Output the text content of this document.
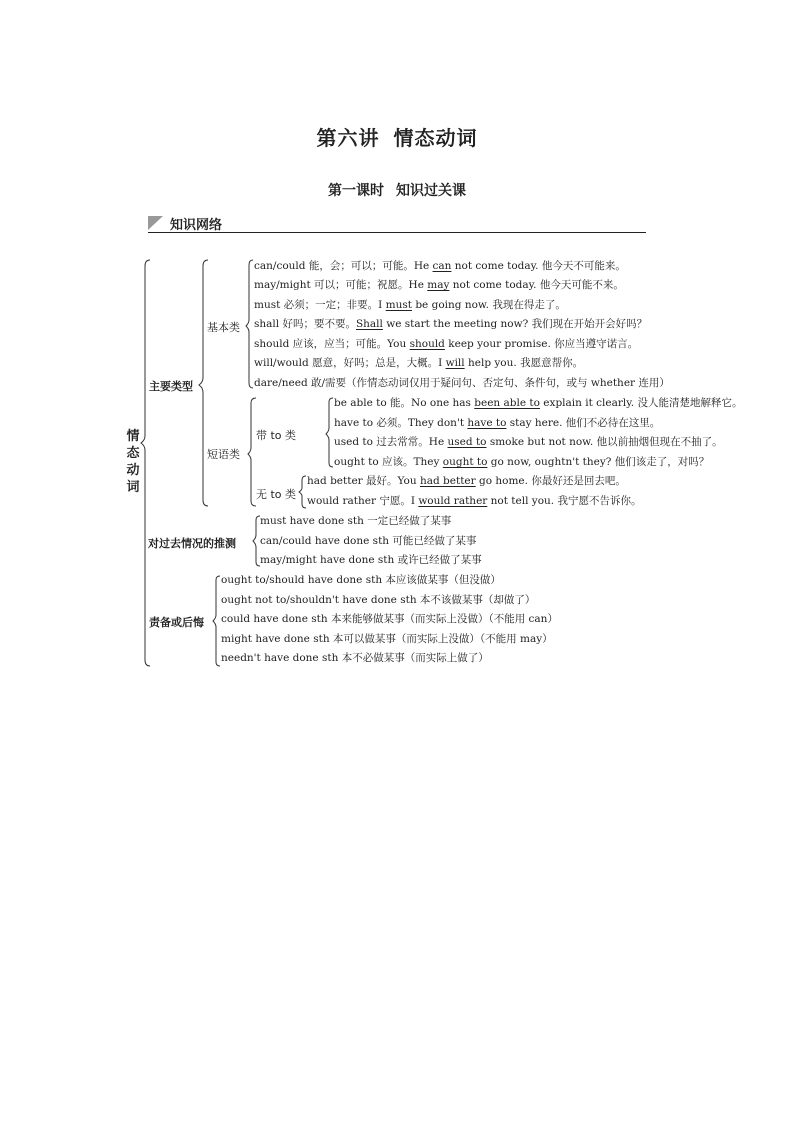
第六讲 情态动词
第一课时 知识过关课
知识网络
情态动词
主要类型
基本类
短语类
带 to 类
无 to 类
对过去情况的推测
责备或后悔
can/could 能，会；可以；可能。He can not come today. 他今天不可能来。
may/might 可以；可能；祝愿。He may not come today. 他今天可能不来。
must 必须；一定；非要。I must be going now. 我现在得走了。
shall 好吗；要不要。Shall we start the meeting now? 我们现在开始开会好吗？
should 应该，应当；可能。You should keep your promise. 你应当遵守诺言。
will/would 愿意，好吗；总是，大概。I will help you. 我愿意帮你。
dare/need 敢/需要（作情态动词仅用于疑问句、否定句、条件句，或与 whether 连用）
be able to 能。No one has been able to explain it clearly. 没人能清楚地解释它。
have to 必须。They don't have to stay here. 他们不必待在这里。
used to 过去常常。He used to smoke but not now. 他以前抽烟但现在不抽了。
ought to 应该。They ought to go now, oughtn't they? 他们该走了，对吗？
had better 最好。You had better go home. 你最好还是回去吧。
would rather 宁愿。I would rather not tell you. 我宁愿不告诉你。
must have done sth 一定已经做了某事
can/could have done sth 可能已经做了某事
may/might have done sth 或许已经做了某事
ought to/should have done sth 本应该做某事（但没做）
ought not to/shouldn't have done sth 本不该做某事（却做了）
could have done sth 本来能够做某事（而实际上没做）（不能用 can）
might have done sth 本可以做某事（而实际上没做）（不能用 may）
needn't have done sth 本不必做某事（而实际上做了）
